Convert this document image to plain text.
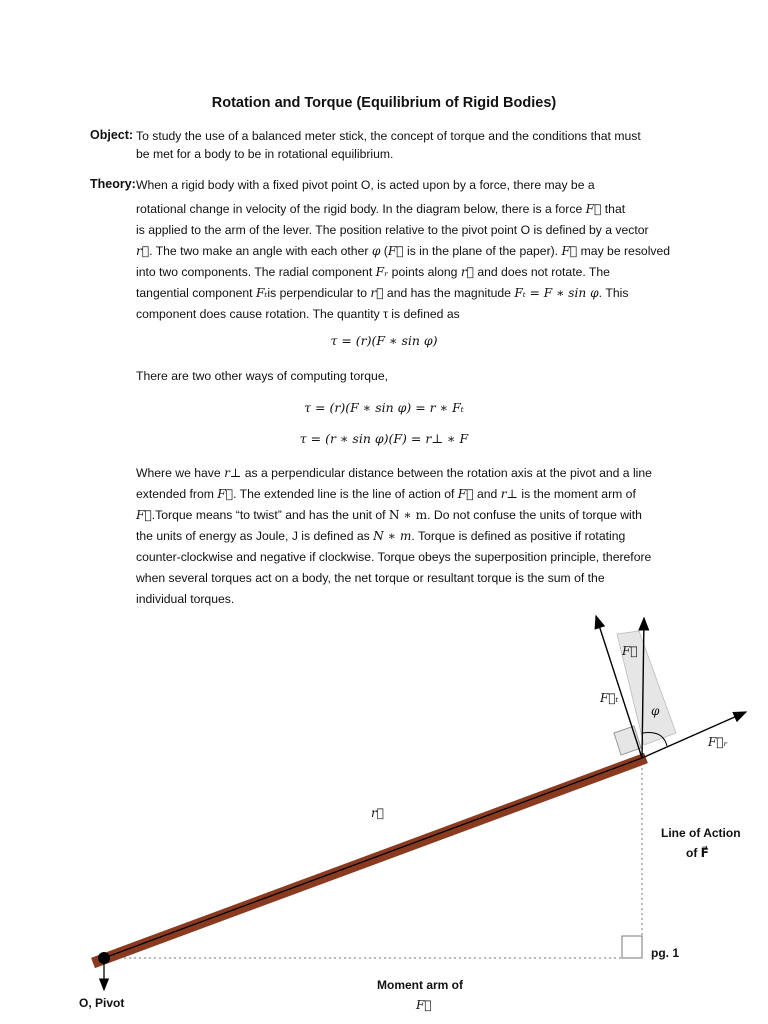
Rotation and Torque (Equilibrium of Rigid Bodies)
Object: To study the use of a balanced meter stick, the concept of torque and the conditions that must

be met for a body to be in rotational equilibrium.

Theory: When a rigid body with a fixed pivot point O, is acted upon by a force, there may be a

rotational change in velocity of the rigid body. In the diagram below, there is a force F⃗ that

is applied to the arm of the lever. The position relative to the pivot point O is defined by a vector

r⃗. The two make an angle with each other φ (F⃗ is in the plane of the paper). F⃗ may be resolved

into two components. The radial component Fᵣ points along r⃗ and does not rotate. The

tangential component Fₜis perpendicular to r⃗ and has the magnitude Fₜ = F ∗ sin φ. This

component does cause rotation. The quantity τ is defined as

τ = (r)(F ∗ sin φ)
There are two other ways of computing torque,
τ = (r)(F ∗ sin φ) = r ∗ Fₜ
τ = (r ∗ sin φ)(F) = r⊥ ∗ F

Where we have r⊥ as a perpendicular distance between the rotation axis at the pivot and a line

extended from F⃗. The extended line is the line of action of F⃗ and r⊥ is the moment arm of

F⃗.Torque means “to twist” and has the unit of N ∗ m. Do not confuse the units of torque with

the units of energy as Joule, J is defined as N ∗ m. Torque is defined as positive if rotating

counter-clockwise and negative if clockwise. Torque obeys the superposition principle, therefore

when several torques act on a body, the net torque or resultant torque is the sum of the

individual torques.

F⃗
F⃗ₜ
φ
F⃗ᵣ
r⃗
Line of Action
of F⃗
pg. 1
Moment arm of
F⃗
O, Pivot
